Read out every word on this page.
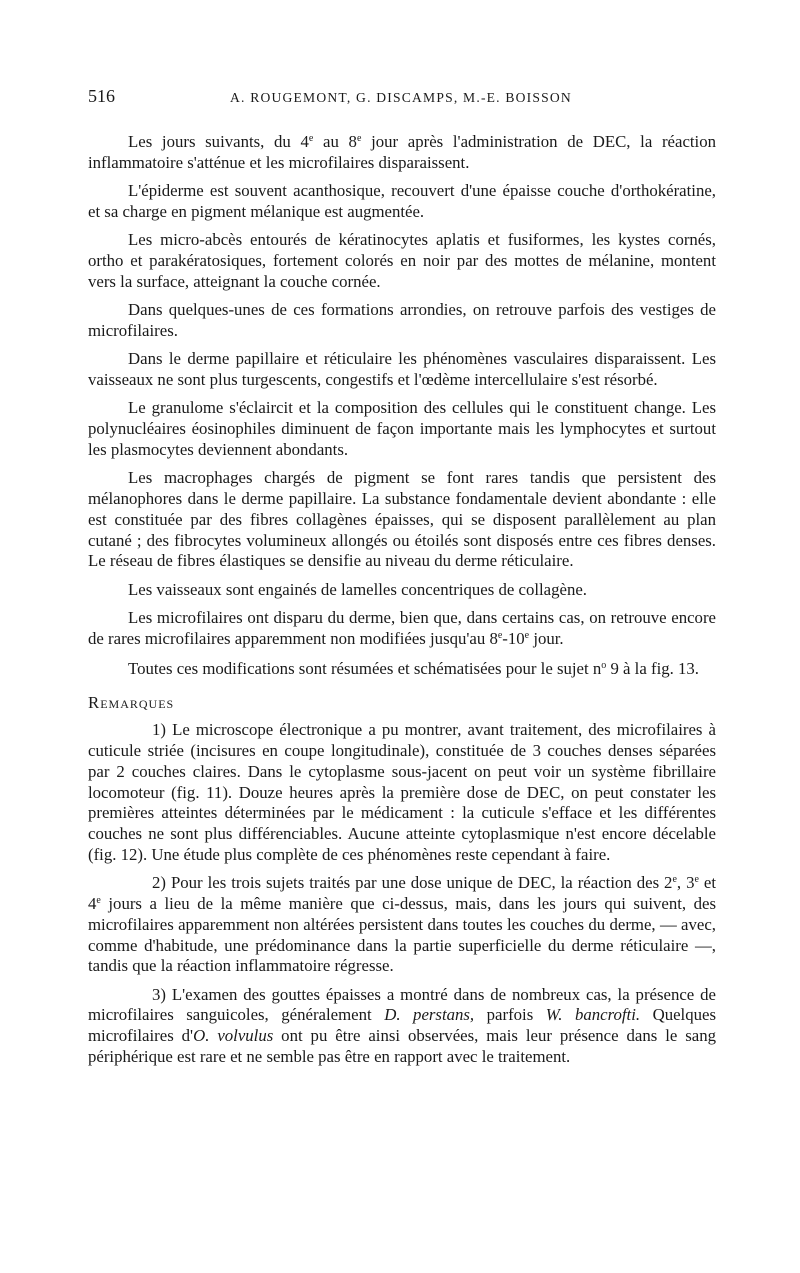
516	A. ROUGEMONT, G. DISCAMPS, M.-E. BOISSON

Les jours suivants, du 4e au 8e jour après l'administration de DEC, la réaction inflammatoire s'atténue et les microfilaires disparaissent.

L'épiderme est souvent acanthosique, recouvert d'une épaisse couche d'orthokératine, et sa charge en pigment mélanique est augmentée.

Les micro-abcès entourés de kératinocytes aplatis et fusiformes, les kystes cornés, ortho et parakératosiques, fortement colorés en noir par des mottes de mélanine, montent vers la surface, atteignant la couche cornée.

Dans quelques-unes de ces formations arrondies, on retrouve parfois des vestiges de microfilaires.

Dans le derme papillaire et réticulaire les phénomènes vasculaires disparaissent. Les vaisseaux ne sont plus turgescents, congestifs et l'œdème intercellulaire s'est résorbé.

Le granulome s'éclaircit et la composition des cellules qui le constituent change. Les polynucléaires éosinophiles diminuent de façon importante mais les lymphocytes et surtout les plasmocytes deviennent abondants.

Les macrophages chargés de pigment se font rares tandis que persistent des mélanophores dans le derme papillaire. La substance fondamentale devient abondante : elle est constituée par des fibres collagènes épaisses, qui se disposent parallèlement au plan cutané ; des fibrocytes volumineux allongés ou étoilés sont disposés entre ces fibres denses. Le réseau de fibres élastiques se densifie au niveau du derme réticulaire.

Les vaisseaux sont engainés de lamelles concentriques de collagène.

Les microfilaires ont disparu du derme, bien que, dans certains cas, on retrouve encore de rares microfilaires apparemment non modifiées jusqu'au 8e-10e jour.

Toutes ces modifications sont résumées et schématisées pour le sujet $n^o$ 9 à la fig. 13.

Remarques

1) Le microscope électronique a pu montrer, avant traitement, des microfilaires à cuticule striée (incisures en coupe longitudinale), constituée de 3 couches denses séparées par 2 couches claires. Dans le cytoplasme sous-jacent on peut voir un système fibrillaire locomoteur (fig. 11). Douze heures après la première dose de DEC, on peut constater les premières atteintes déterminées par le médicament : la cuticule s'efface et les différentes couches ne sont plus différenciables. Aucune atteinte cytoplasmique n'est encore décelable (fig. 12). Une étude plus complète de ces phénomènes reste cependant à faire.

2) Pour les trois sujets traités par une dose unique de DEC, la réaction des 2e, 3e et 4e jours a lieu de la même manière que ci-dessus, mais, dans les jours qui suivent, des microfilaires apparemment non altérées persistent dans toutes les couches du derme, — avec, comme d'habitude, une prédominance dans la partie superficielle du derme réticulaire —, tandis que la réaction inflammatoire régresse.

3) L'examen des gouttes épaisses a montré dans de nombreux cas, la présence de microfilaires sanguicoles, généralement D. perstans, parfois W. bancrofti. Quelques microfilaires d'O. volvulus ont pu être ainsi observées, mais leur présence dans le sang périphérique est rare et ne semble pas être en rapport avec le traitement.
